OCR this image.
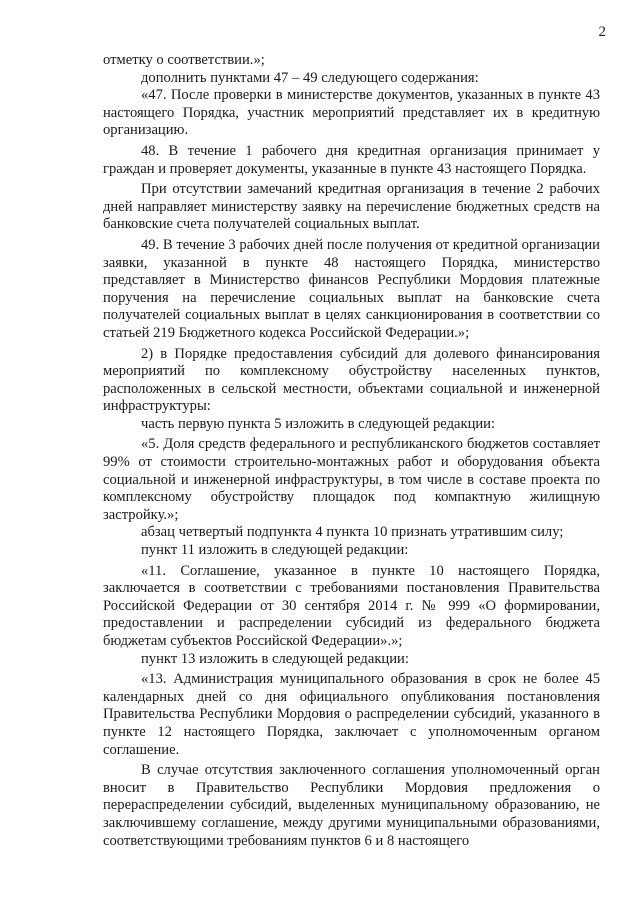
2

отметку о соответствии.»;

дополнить пунктами 47 – 49 следующего содержания:

«47. После проверки в министерстве документов, указанных в пункте 43 настоящего Порядка, участник мероприятий представляет их в кредитную организацию.

48. В течение 1 рабочего дня кредитная организация принимает у граждан и проверяет документы, указанные в пункте 43 настоящего Порядка.

При отсутствии замечаний кредитная организация в течение 2 рабочих дней направляет министерству заявку на перечисление бюджетных средств на банковские счета получателей социальных выплат.

49. В течение 3 рабочих дней после получения от кредитной организации заявки, указанной в пункте 48 настоящего Порядка, министерство представляет в Министерство финансов Республики Мордовия платежные поручения на перечисление социальных выплат на банковские счета получателей социальных выплат в целях санкционирования в соответствии со статьей 219 Бюджетного кодекса Российской Федерации.»;

2) в Порядке предоставления субсидий для долевого финансирования мероприятий по комплексному обустройству населенных пунктов, расположенных в сельской местности, объектами социальной и инженерной инфраструктуры:

часть первую пункта 5 изложить в следующей редакции:

«5. Доля средств федерального и республиканского бюджетов составляет 99% от стоимости строительно-монтажных работ и оборудования объекта социальной и инженерной инфраструктуры, в том числе в составе проекта по комплексному обустройству площадок под компактную жилищную застройку.»;

абзац четвертый подпункта 4 пункта 10 признать утратившим силу;

пункт 11 изложить в следующей редакции:

«11. Соглашение, указанное в пункте 10 настоящего Порядка, заключается в соответствии с требованиями постановления Правительства Российской Федерации от 30 сентября 2014 г. № 999 «О формировании, предоставлении и распределении субсидий из федерального бюджета бюджетам субъектов Российской Федерации».»;

пункт 13 изложить в следующей редакции:

«13. Администрация муниципального образования в срок не более 45 календарных дней со дня официального опубликования постановления Правительства Республики Мордовия о распределении субсидий, указанного в пункте 12 настоящего Порядка, заключает с уполномоченным органом соглашение.

В случае отсутствия заключенного соглашения уполномоченный орган вносит в Правительство Республики Мордовия предложения о перераспределении субсидий, выделенных муниципальному образованию, не заключившему соглашение, между другими муниципальными образованиями, соответствующими требованиям пунктов 6 и 8 настоящего
